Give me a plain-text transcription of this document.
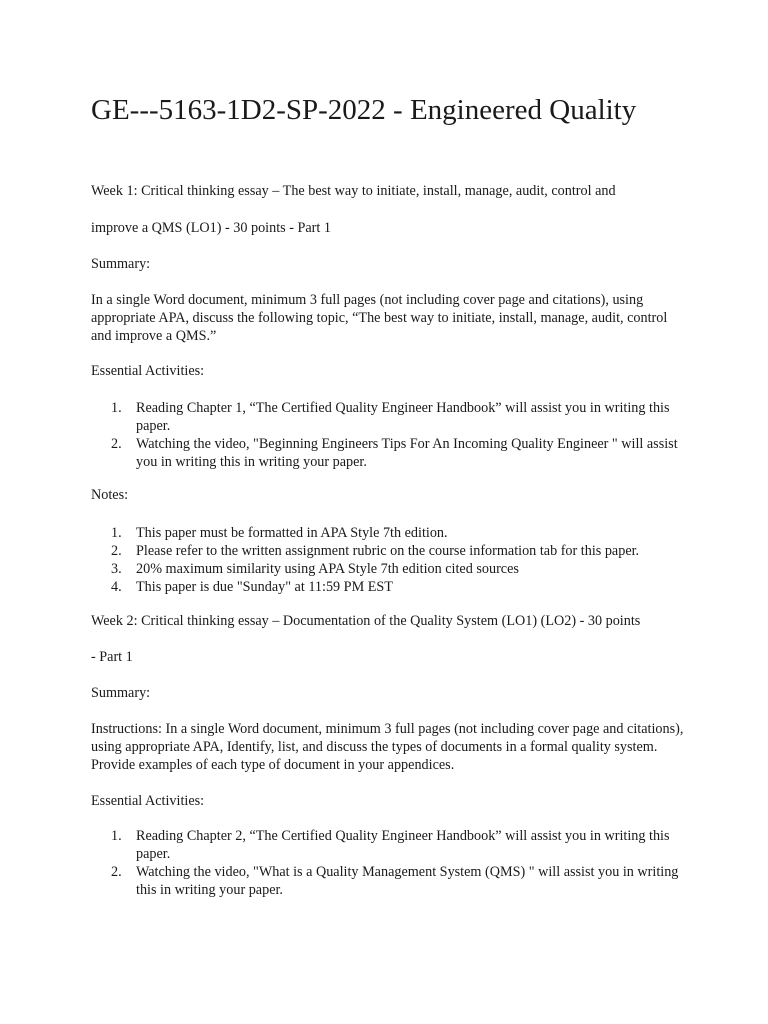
GE---5163-1D2-SP-2022 - Engineered Quality
Week 1: Critical thinking essay – The best way to initiate, install, manage, audit, control and
improve a QMS (LO1) - 30 points - Part 1
Summary:
In a single Word document, minimum 3 full pages (not including cover page and citations), using appropriate APA, discuss the following topic, “The best way to initiate, install, manage, audit, control and improve a QMS.”
Essential Activities:
1. Reading Chapter 1, “The Certified Quality Engineer Handbook” will assist you in writing this paper.
2. Watching the video, "Beginning Engineers Tips For An Incoming Quality Engineer " will assist you in writing this in writing your paper.
Notes:
1. This paper must be formatted in APA Style 7th edition.
2. Please refer to the written assignment rubric on the course information tab for this paper.
3. 20% maximum similarity using APA Style 7th edition cited sources
4. This paper is due "Sunday" at 11:59 PM EST
Week 2: Critical thinking essay – Documentation of the Quality System (LO1) (LO2) - 30 points
- Part 1
Summary:
Instructions: In a single Word document, minimum 3 full pages (not including cover page and citations), using appropriate APA, Identify, list, and discuss the types of documents in a formal quality system. Provide examples of each type of document in your appendices.
Essential Activities:
1. Reading Chapter 2, “The Certified Quality Engineer Handbook” will assist you in writing this paper.
2. Watching the video, "What is a Quality Management System (QMS) " will assist you in writing this in writing your paper.
